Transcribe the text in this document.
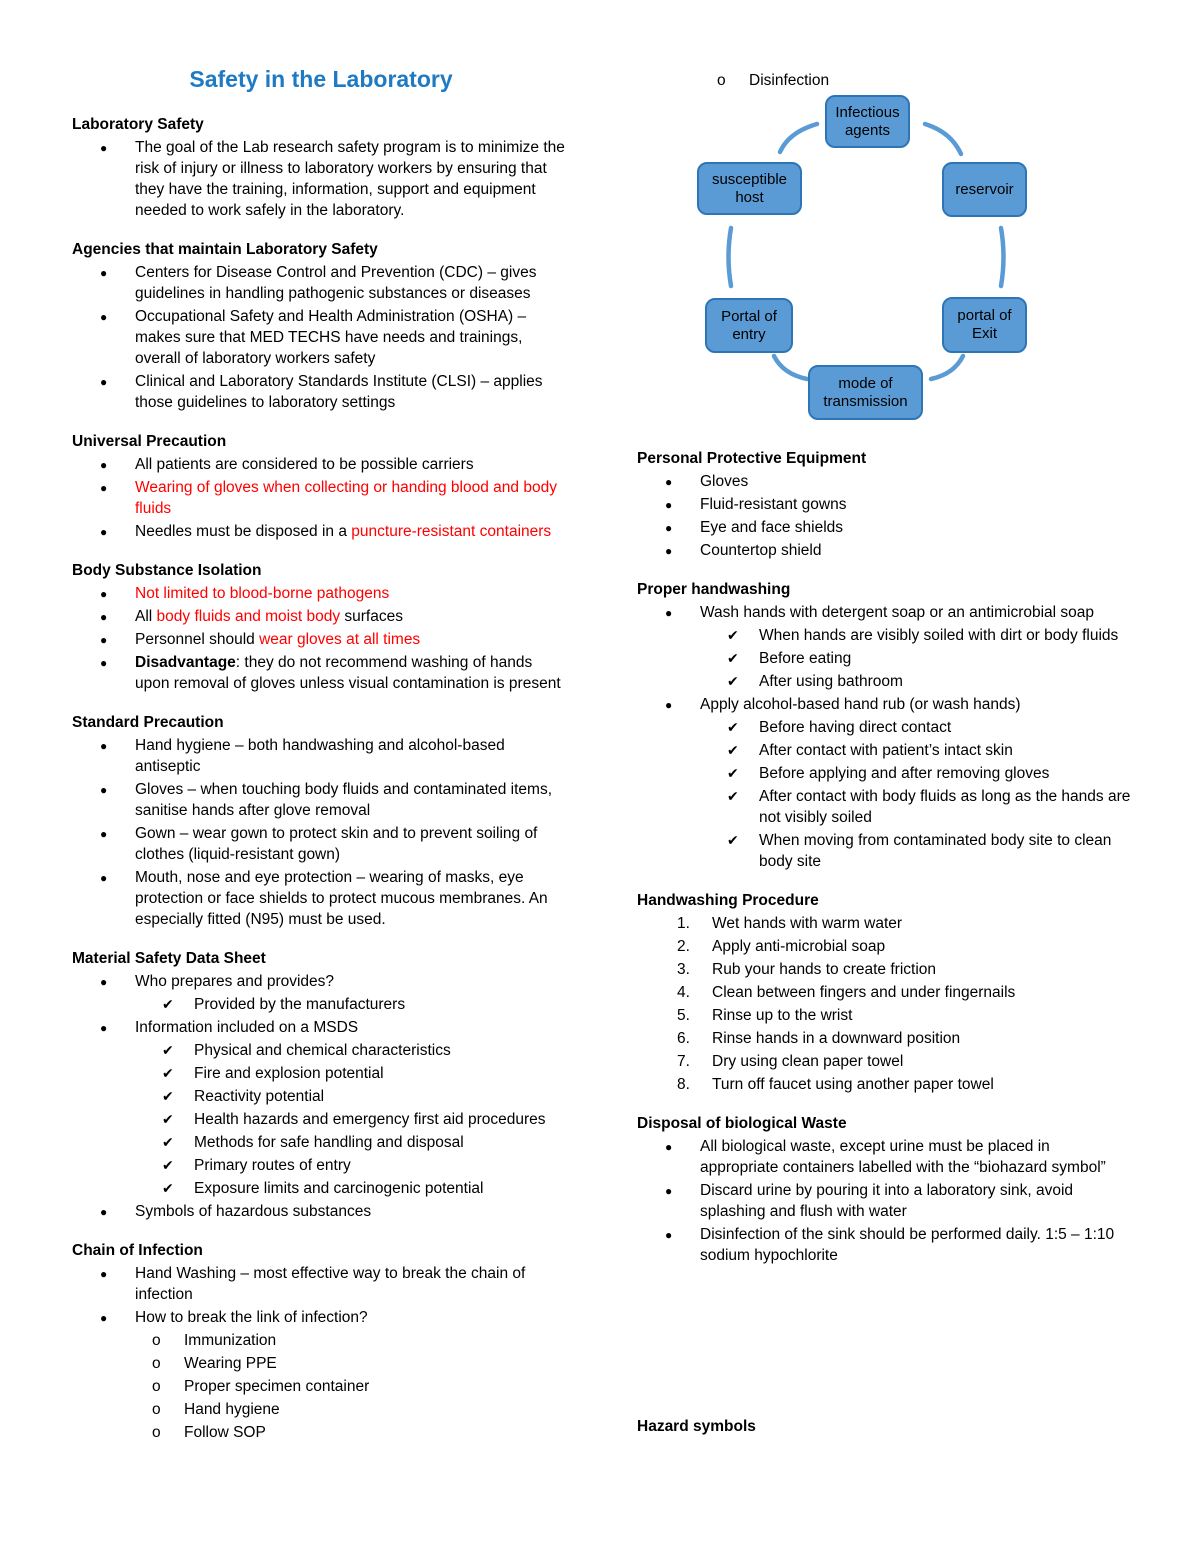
Safety in the Laboratory
Laboratory Safety
● The goal of the Lab research safety program is to minimize the risk of injury or illness to laboratory workers by ensuring that they have the training, information, support and equipment needed to work safely in the laboratory.
Agencies that maintain Laboratory Safety
● Centers for Disease Control and Prevention (CDC) – gives guidelines in handling pathogenic substances or diseases
● Occupational Safety and Health Administration (OSHA) – makes sure that MED TECHS have needs and trainings, overall of laboratory workers safety
● Clinical and Laboratory Standards Institute (CLSI) – applies those guidelines to laboratory settings
Universal Precaution
● All patients are considered to be possible carriers
● Wearing of gloves when collecting or handing blood and body fluids
● Needles must be disposed in a puncture-resistant containers
Body Substance Isolation
● Not limited to blood-borne pathogens
● All body fluids and moist body surfaces
● Personnel should wear gloves at all times
● Disadvantage: they do not recommend washing of hands upon removal of gloves unless visual contamination is present
Standard Precaution
● Hand hygiene – both handwashing and alcohol-based antiseptic
● Gloves – when touching body fluids and contaminated items, sanitise hands after glove removal
● Gown – wear gown to protect skin and to prevent soiling of clothes (liquid-resistant gown)
● Mouth, nose and eye protection – wearing of masks, eye protection or face shields to protect mucous membranes. An especially fitted (N95) must be used.
Material Safety Data Sheet
● Who prepares and provides?
✔ Provided by the manufacturers
● Information included on a MSDS
✔ Physical and chemical characteristics
✔ Fire and explosion potential
✔ Reactivity potential
✔ Health hazards and emergency first aid procedures
✔ Methods for safe handling and disposal
✔ Primary routes of entry
✔ Exposure limits and carcinogenic potential
● Symbols of hazardous substances
Chain of Infection
● Hand Washing – most effective way to break the chain of infection
● How to break the link of infection?
o Immunization
o Wearing PPE
o Proper specimen container
o Hand hygiene
o Follow SOP
o Disinfection
Infectious agents
susceptible host	reservoir
Portal of entry
portal of Exit
mode of transmission
Personal Protective Equipment
● Gloves
● Fluid-resistant gowns
● Eye and face shields
● Countertop shield
Proper handwashing
● Wash hands with detergent soap or an antimicrobial soap
✔ When hands are visibly soiled with dirt or body fluids
✔ Before eating
✔ After using bathroom
● Apply alcohol-based hand rub (or wash hands)
✔ Before having direct contact
✔ After contact with patient’s intact skin
✔ Before applying and after removing gloves
✔ After contact with body fluids as long as the hands are not visibly soiled
✔ When moving from contaminated body site to clean body site
Handwashing Procedure
1. Wet hands with warm water
2. Apply anti-microbial soap
3. Rub your hands to create friction
4. Clean between fingers and under fingernails
5. Rinse up to the wrist
6. Rinse hands in a downward position
7. Dry using clean paper towel
8. Turn off faucet using another paper towel
Disposal of biological Waste
● All biological waste, except urine must be placed in appropriate containers labelled with the “biohazard symbol”
● Discard urine by pouring it into a laboratory sink, avoid splashing and flush with water
● Disinfection of the sink should be performed daily. 1:5 – 1:10 sodium hypochlorite
Hazard symbols
